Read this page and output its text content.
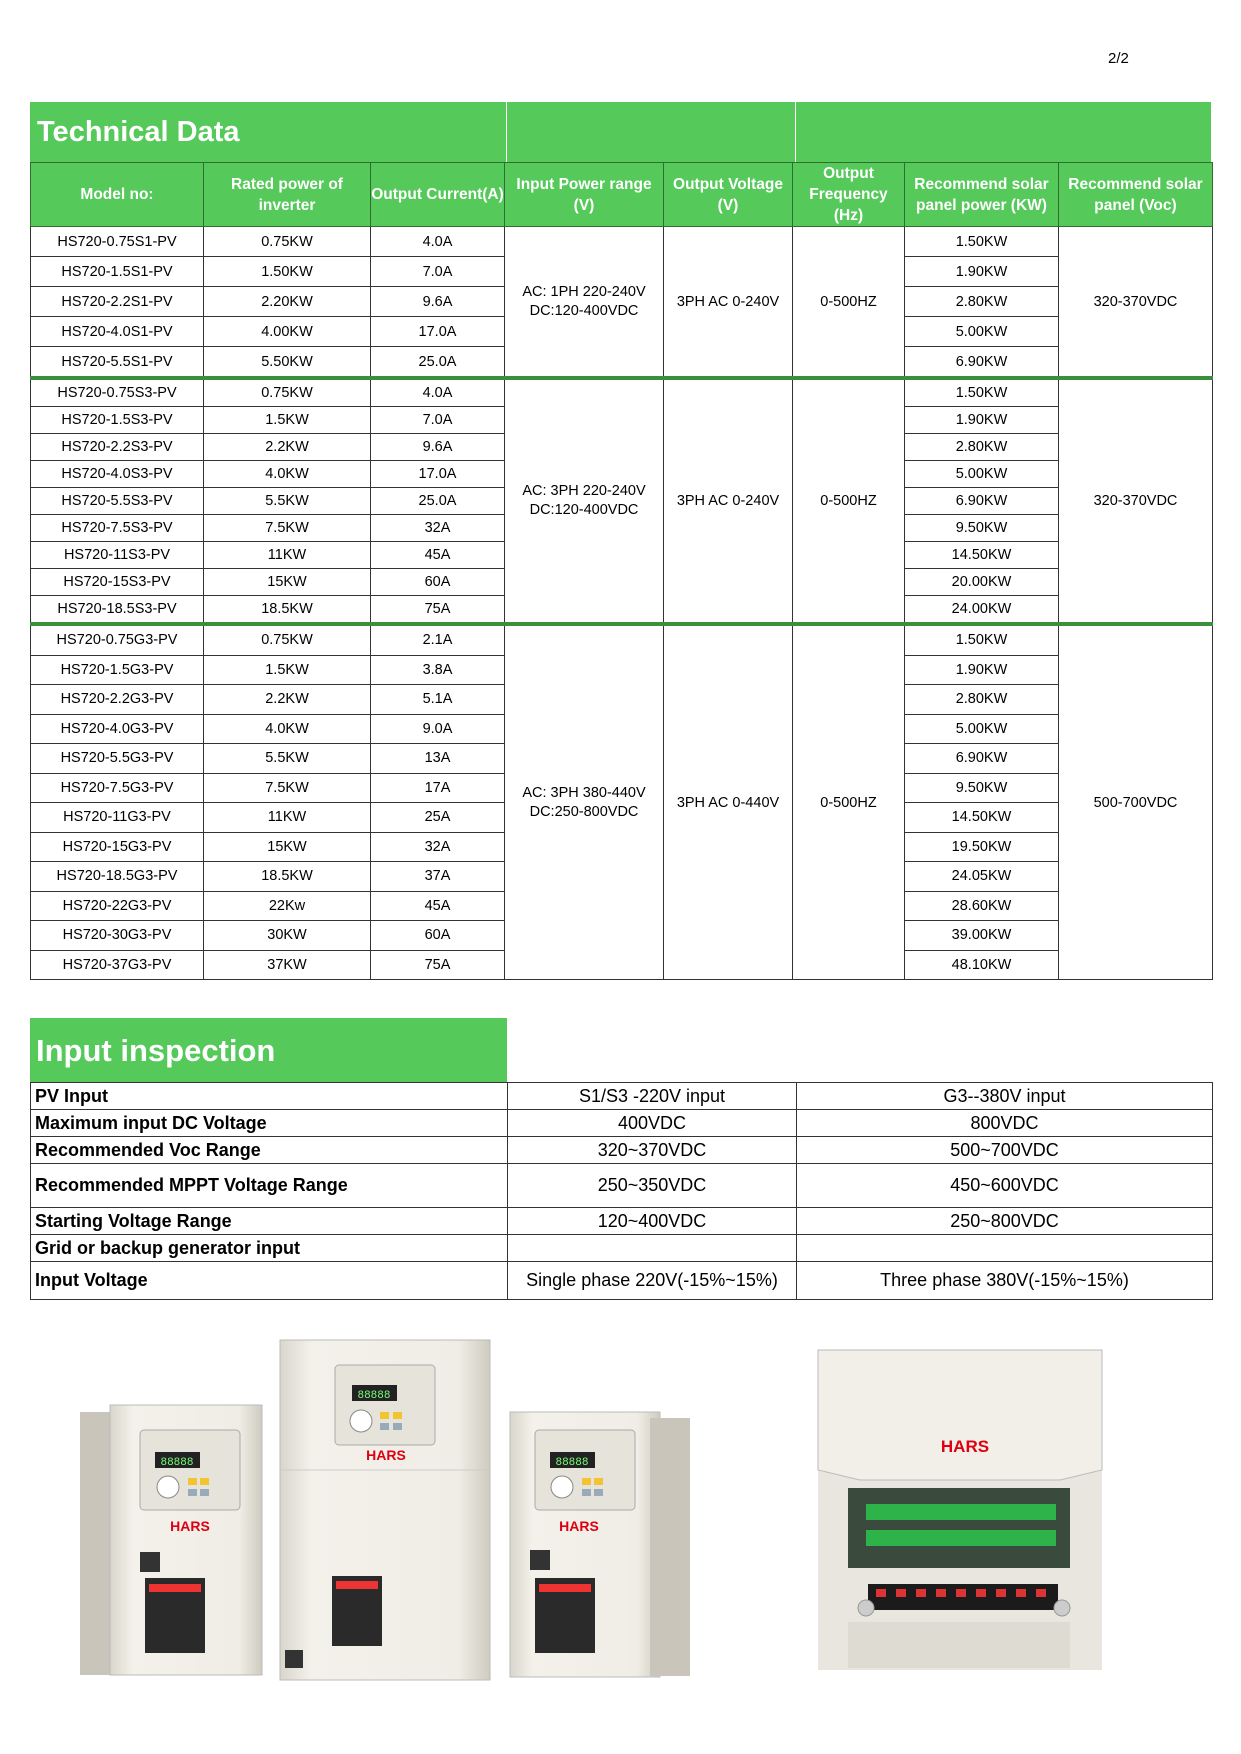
2/2
Technical Data
Model no:	Rated power of inverter	Output Current(A)	Input Power range (V)	Output Voltage (V)	Output Frequency (Hz)	Recommend solar panel power (KW)	Recommend solar panel (Voc)
HS720-0.75S1-PV	0.75KW	4.0A	AC: 1PH 220-240V DC:120-400VDC	3PH AC 0-240V	0-500HZ	1.50KW	320-370VDC
HS720-1.5S1-PV	1.50KW	7.0A				1.90KW	
HS720-2.2S1-PV	2.20KW	9.6A				2.80KW	
HS720-4.0S1-PV	4.00KW	17.0A				5.00KW	
HS720-5.5S1-PV	5.50KW	25.0A				6.90KW	
HS720-0.75S3-PV	0.75KW	4.0A	AC: 3PH 220-240V DC:120-400VDC	3PH AC 0-240V	0-500HZ	1.50KW	320-370VDC
HS720-1.5S3-PV	1.5KW	7.0A				1.90KW	
HS720-2.2S3-PV	2.2KW	9.6A				2.80KW	
HS720-4.0S3-PV	4.0KW	17.0A				5.00KW	
HS720-5.5S3-PV	5.5KW	25.0A				6.90KW	
HS720-7.5S3-PV	7.5KW	32A				9.50KW	
HS720-11S3-PV	11KW	45A				14.50KW	
HS720-15S3-PV	15KW	60A				20.00KW	
HS720-18.5S3-PV	18.5KW	75A				24.00KW	
HS720-0.75G3-PV	0.75KW	2.1A	AC: 3PH 380-440V DC:250-800VDC	3PH AC 0-440V	0-500HZ	1.50KW	500-700VDC
HS720-1.5G3-PV	1.5KW	3.8A				1.90KW	
HS720-2.2G3-PV	2.2KW	5.1A				2.80KW	
HS720-4.0G3-PV	4.0KW	9.0A				5.00KW	
HS720-5.5G3-PV	5.5KW	13A				6.90KW	
HS720-7.5G3-PV	7.5KW	17A				9.50KW	
HS720-11G3-PV	11KW	25A				14.50KW	
HS720-15G3-PV	15KW	32A				19.50KW	
HS720-18.5G3-PV	18.5KW	37A				24.05KW	
HS720-22G3-PV	22Kw	45A				28.60KW	
HS720-30G3-PV	30KW	60A				39.00KW	
HS720-37G3-PV	37KW	75A				48.10KW	
Input inspection
PV Input	S1/S3 -220V input	G3--380V input
Maximum input DC Voltage	400VDC	800VDC
Recommended Voc Range	320~370VDC	500~700VDC
Recommended MPPT Voltage Range	250~350VDC	450~600VDC
Starting Voltage Range	120~400VDC	250~800VDC
Grid or backup generator input		
Input Voltage	Single phase 220V(-15%~15%)	Three phase 380V(-15%~15%)
88888
HARS
88888
HARS	88888
HARS
HARS
